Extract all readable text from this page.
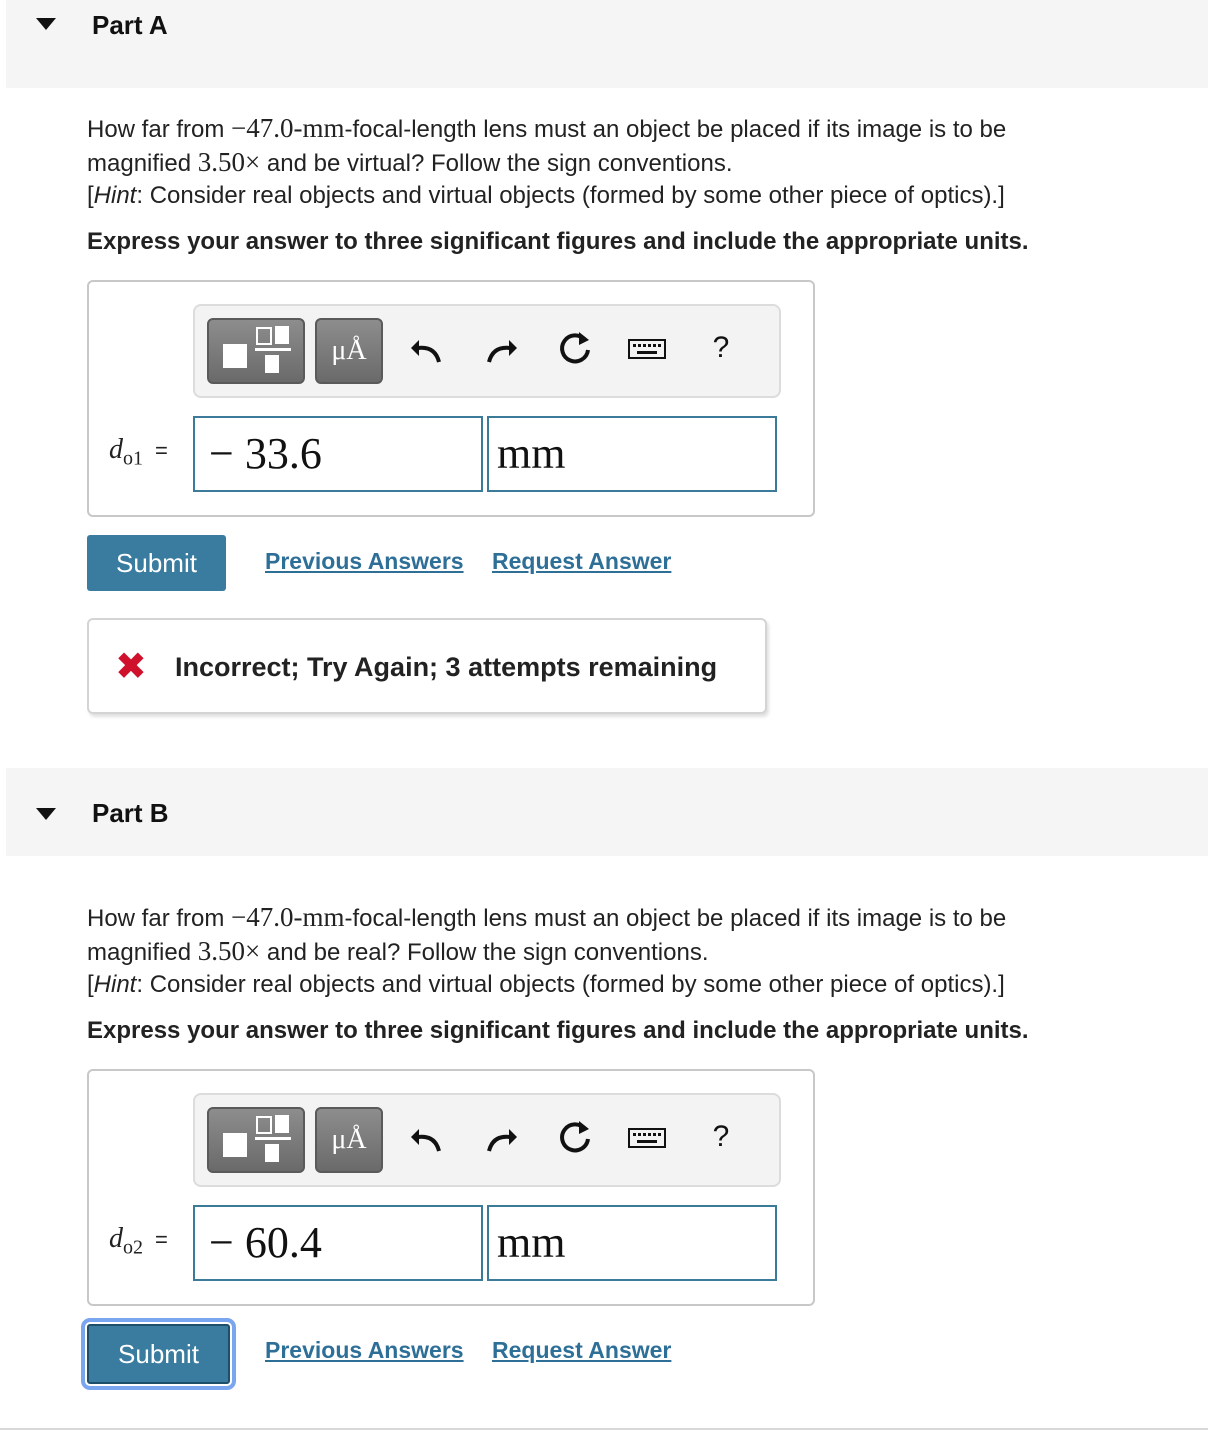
Part A
How far from −47.0-mm-focal-length lens must an object be placed if its image is to be
magnified 3.50× and be virtual? Follow the sign conventions.
[Hint: Consider real objects and virtual objects (formed by some other piece of optics).]
Express your answer to three significant figures and include the appropriate units.
μÅ	?
$d_{o1}$ = − 33.6	mm
Submit	Previous Answers Request Answer
✖ Incorrect; Try Again; 3 attempts remaining
Part B
How far from −47.0-mm-focal-length lens must an object be placed if its image is to be
magnified 3.50× and be real? Follow the sign conventions.
[Hint: Consider real objects and virtual objects (formed by some other piece of optics).]
Express your answer to three significant figures and include the appropriate units.
μÅ	?
$d_{o2}$ = − 60.4	mm
Submit	Previous Answers Request Answer
